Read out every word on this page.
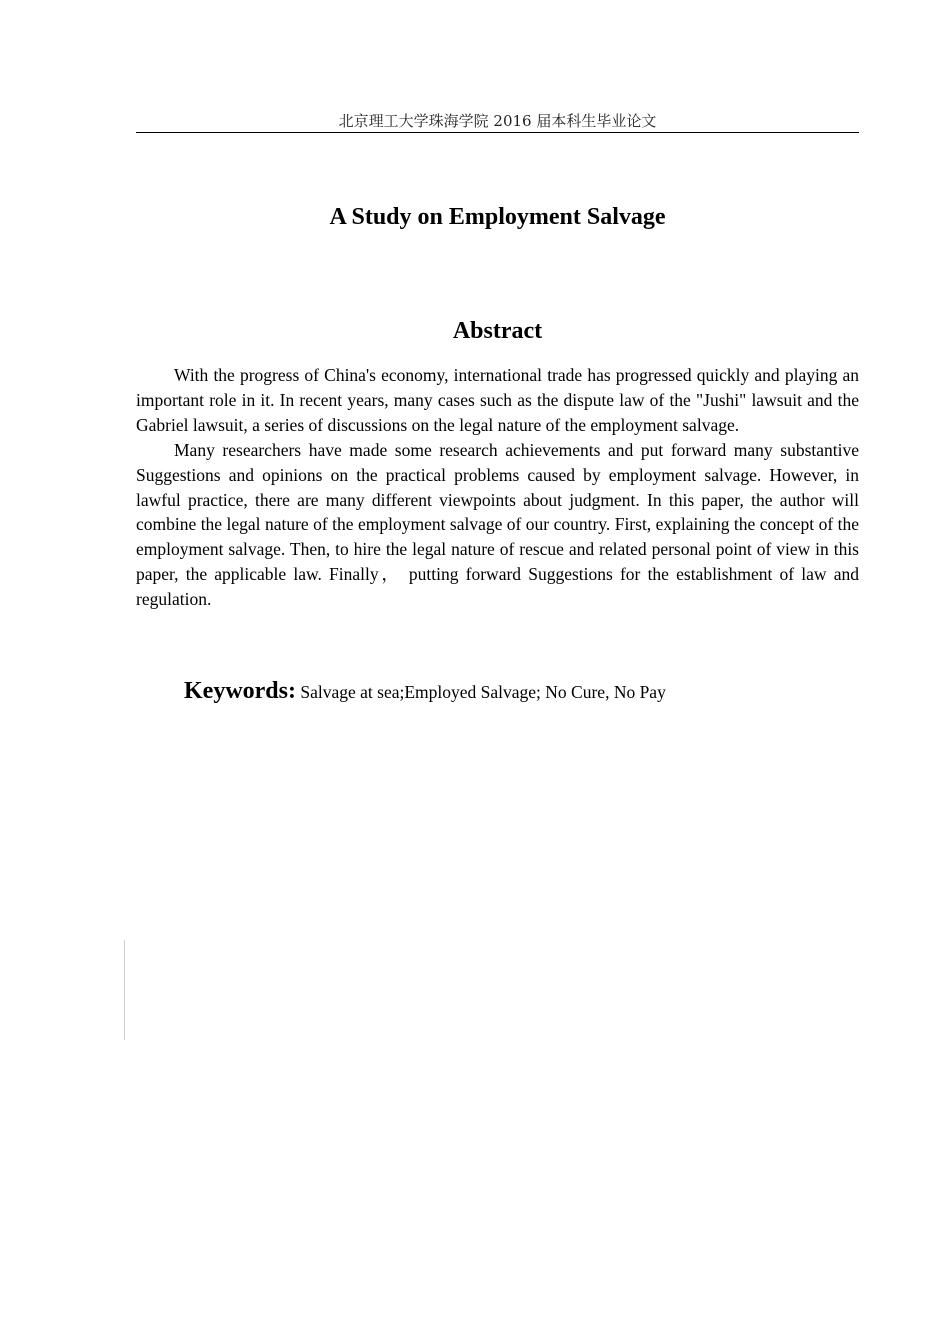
北京理工大学珠海学院 2016 届本科生毕业论文
A Study on Employment Salvage
Abstract

With the progress of China's economy, international trade has progressed quickly and playing an important role in it. In recent years, many cases such as the dispute law of the "Jushi" lawsuit and the Gabriel lawsuit, a series of discussions on the legal nature of the employment salvage.

Many researchers have made some research achievements and put forward many substantive Suggestions and opinions on the practical problems caused by employment salvage. However, in lawful practice, there are many different viewpoints about judgment. In this paper, the author will combine the legal nature of the employment salvage of our country. First, explaining the concept of the employment salvage. Then, to hire the legal nature of rescue and related personal point of view in this paper, the applicable law. Finally， putting forward Suggestions for the establishment of law and regulation.

Keywords: Salvage at sea;Employed Salvage; No Cure, No Pay
